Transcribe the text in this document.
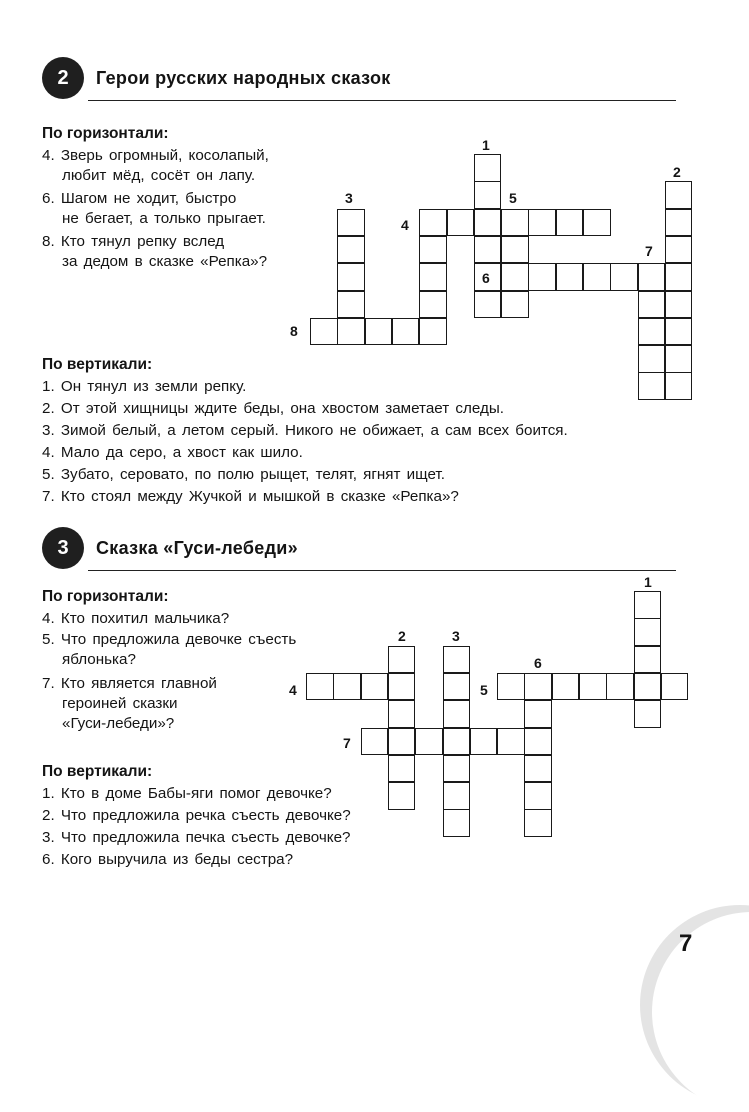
7
2	Герои русских народных сказок
По горизонтали:
4. Зверь огромный, косолапый,
любит мёд, сосёт он лапу.
6. Шагом не ходит, быстро
не бегает, а только прыгает.
8. Кто тянул репку вслед
за дедом в сказке «Репка»?
По вертикали:
1. Он тянул из земли репку.
2. От этой хищницы ждите беды, она хвостом заметает следы.
3. Зимой белый, а летом серый. Никого не обижает, а сам всех боится.
4. Мало да серо, а хвост как шило.
5. Зубато, серовато, по полю рыщет, телят, ягнят ищет.
7. Кто стоял между Жучкой и мышкой в сказке «Репка»?
1
2
3
4
5
6
7
8
3	Сказка «Гуси-лебеди»
По горизонтали:
4. Кто похитил мальчика?
5. Что предложила девочке съесть
яблонька?
7. Кто является главной
героиней сказки
«Гуси-лебеди»?
По вертикали:
1. Кто в доме Бабы-яги помог девочке?
2. Что предложила речка съесть девочке?
3. Что предложила печка съесть девочке?
6. Кого выручила из беды сестра?
1
2	3
4	5
6
7
